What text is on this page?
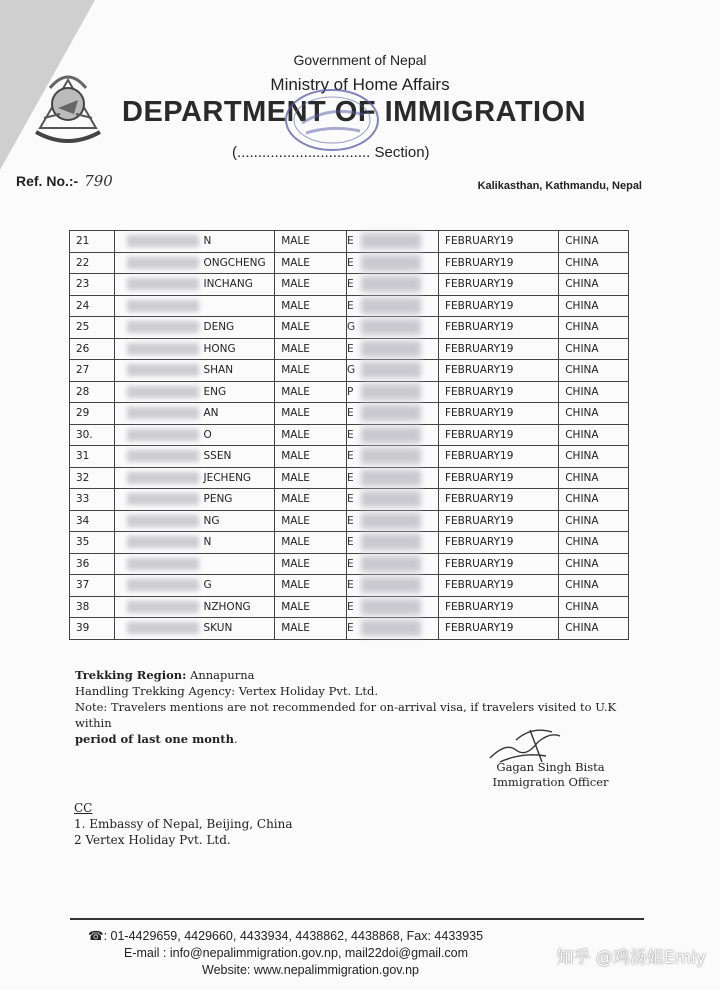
Government of Nepal
Ministry of Home Affairs
DEPARTMENT OF IMMIGRATION
(................................ Section)
Ref. No.:- 790	Kalikasthan, Kathmandu, Nepal
21	N	MALE	E	FEBRUARY19	CHINA
22	ONGCHENG	MALE	E	FEBRUARY19	CHINA
23	INCHANG	MALE	E	FEBRUARY19	CHINA
24		MALE	E	FEBRUARY19	CHINA
25	DENG	MALE	G	FEBRUARY19	CHINA
26	HONG	MALE	E	FEBRUARY19	CHINA
27	SHAN	MALE	G	FEBRUARY19	CHINA
28	ENG	MALE	P	FEBRUARY19	CHINA
29	AN	MALE	E	FEBRUARY19	CHINA
30.	O	MALE	E	FEBRUARY19	CHINA
31	SSEN	MALE	E	FEBRUARY19	CHINA
32	JECHENG	MALE	E	FEBRUARY19	CHINA
33	PENG	MALE	E	FEBRUARY19	CHINA
34	NG	MALE	E	FEBRUARY19	CHINA
35	N	MALE	E	FEBRUARY19	CHINA
36		MALE	E	FEBRUARY19	CHINA
37	G	MALE	E	FEBRUARY19	CHINA
38	NZHONG	MALE	E	FEBRUARY19	CHINA
39	SKUN	MALE	E	FEBRUARY19	CHINA

Trekking Region: Annapurna

Handling Trekking Agency: Vertex Holiday Pvt. Ltd.

Note: Travelers mentions are not recommended for on-arrival visa, if travelers visited to U.K within

period of last one month.

Gagan Singh Bista
Immigration Officer
CC
1. Embassy of Nepal, Beijing, China
2 Vertex Holiday Pvt. Ltd.
☎: 01-4429659, 4429660, 4433934, 4438862, 4438868, Fax: 4433935
E-mail : info@nepalimmigration.gov.np, mail22doi@gmail.com
Website: www.nepalimmigration.gov.np
知乎 @鸡汤姐Emiy
